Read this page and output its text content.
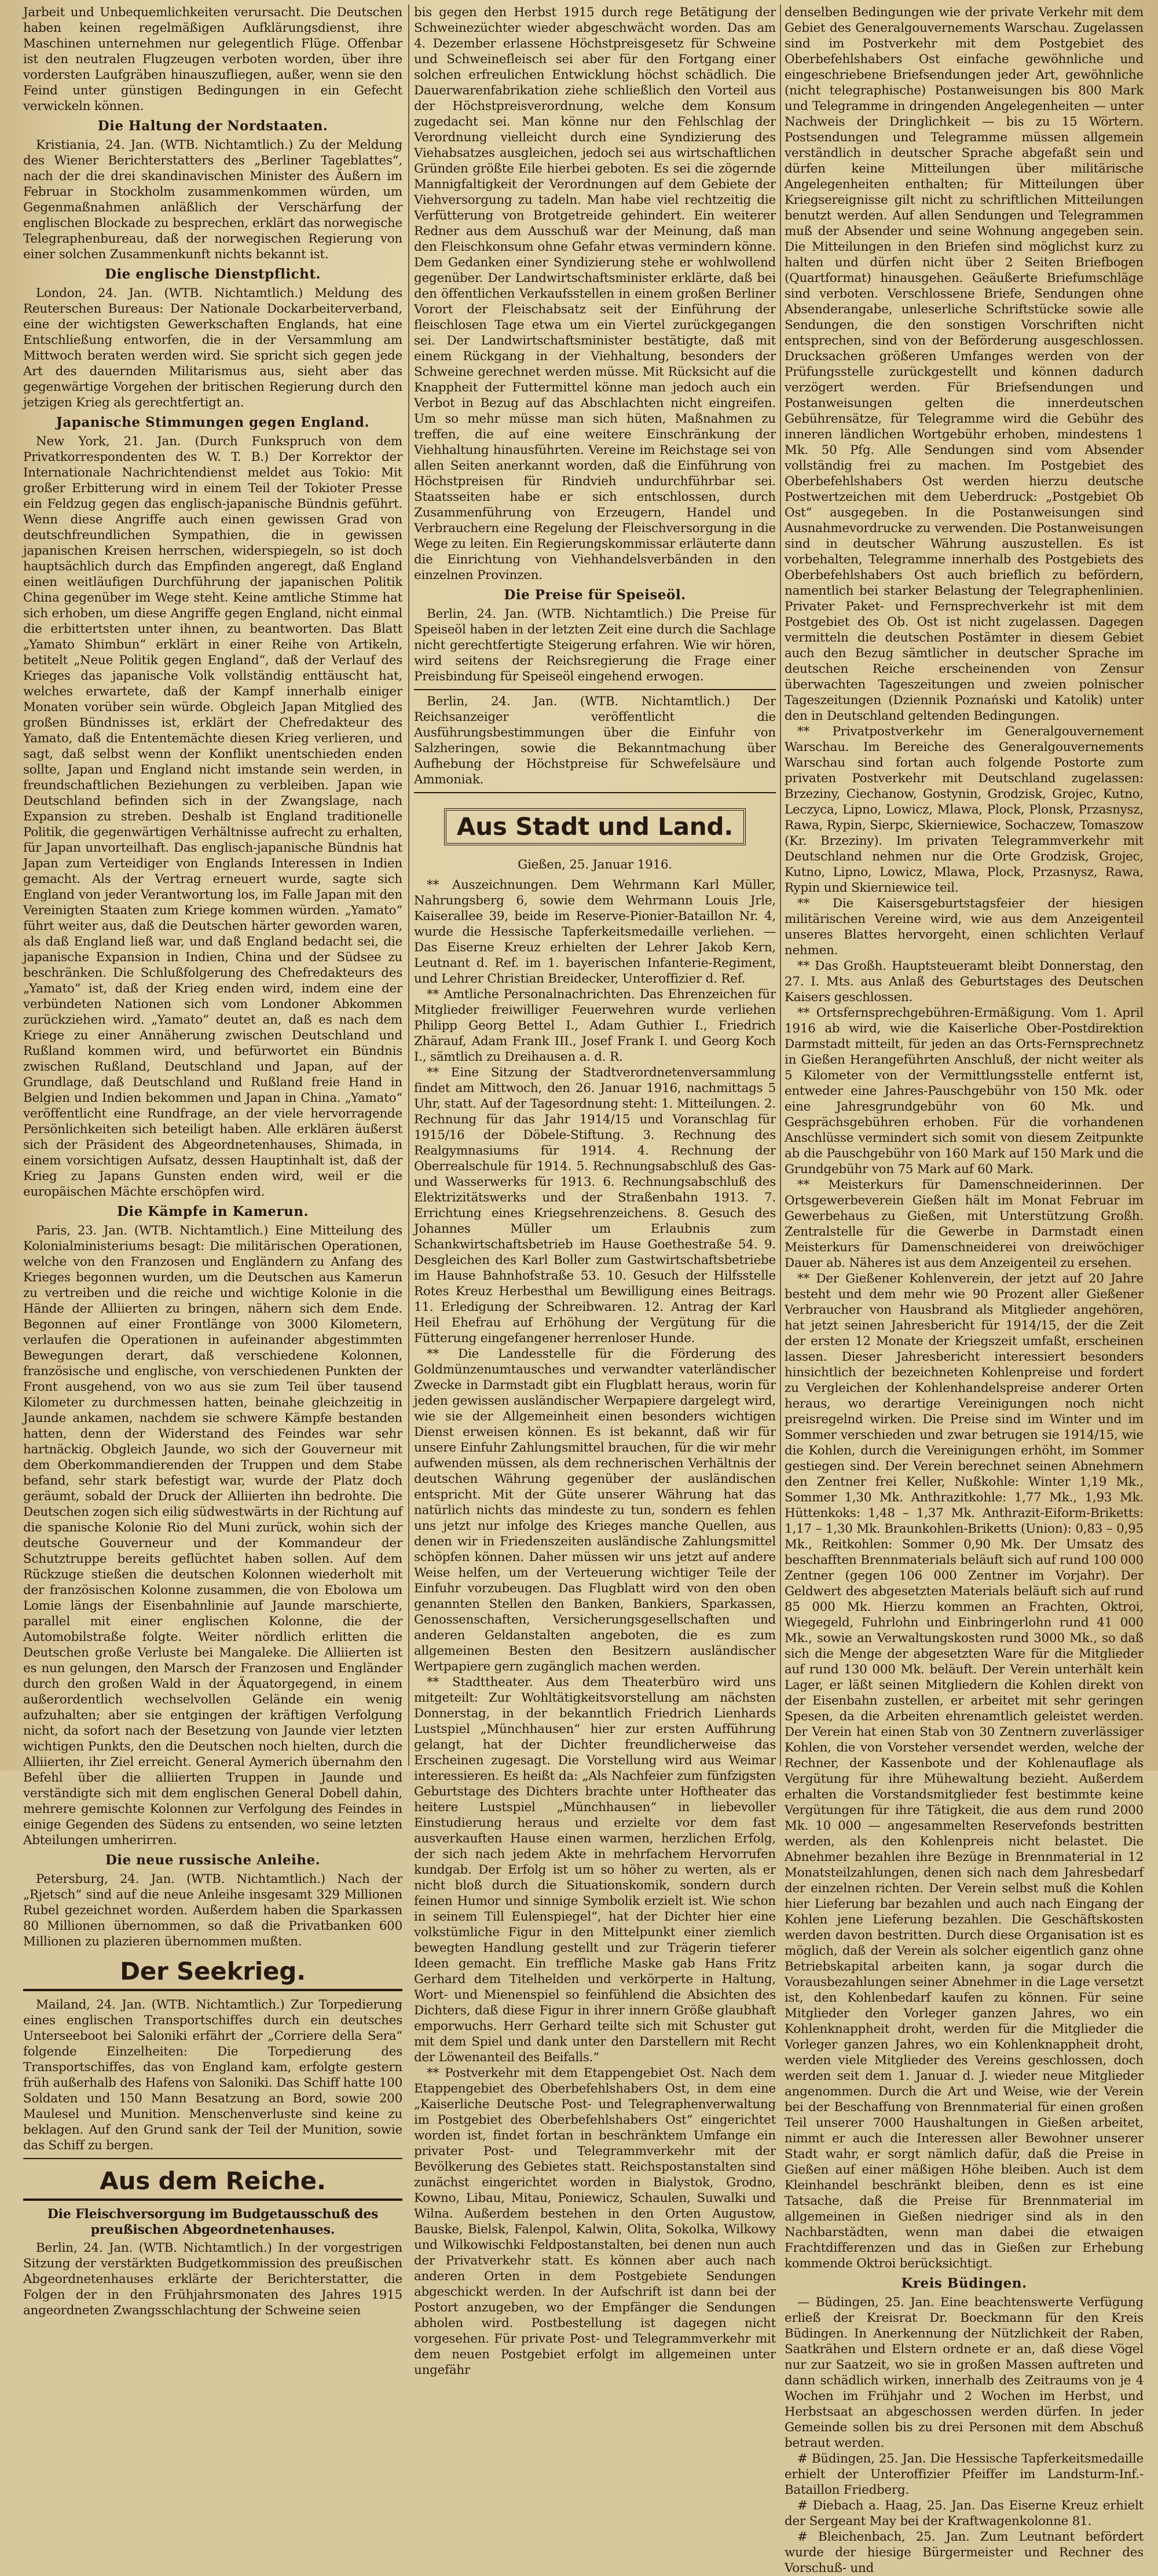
Jarbeit und Unbequemlichkeiten verursacht. Die Deutschen haben keinen regelmäßigen Aufklärungsdienst, ihre Maschinen unternehmen nur gelegentlich Flüge. Offenbar ist den neutralen Flugzeugen verboten worden, über ihre vordersten Laufgräben hinauszufliegen, außer, wenn sie den Feind unter günstigen Bedingungen in ein Gefecht verwickeln können.

Die Haltung der Nordstaaten.

Kristiania, 24. Jan. (WTB. Nichtamtlich.) Zu der Meldung des Wiener Berichterstatters des „Berliner Tageblattes“, nach der die drei skandinavischen Minister des Äußern im Februar in Stockholm zusammenkommen würden, um Gegenmaßnahmen anläßlich der Verschärfung der englischen Blockade zu besprechen, erklärt das norwegische Telegraphenbureau, daß der norwegischen Regierung von einer solchen Zusammenkunft nichts bekannt ist.

Die englische Dienstpflicht.

London, 24. Jan. (WTB. Nichtamtlich.) Meldung des Reuterschen Bureaus: Der Nationale Dockarbeiterverband, eine der wichtigsten Gewerkschaften Englands, hat eine Entschließung entworfen, die in der Versammlung am Mittwoch beraten werden wird. Sie spricht sich gegen jede Art des dauernden Militarismus aus, sieht aber das gegenwärtige Vorgehen der britischen Regierung durch den jetzigen Krieg als gerechtfertigt an.

Japanische Stimmungen gegen England.

New York, 21. Jan. (Durch Funkspruch von dem Privatkorrespondenten des W. T. B.) Der Korrektor der Internationale Nachrichtendienst meldet aus Tokio: Mit großer Erbitterung wird in einem Teil der Tokioter Presse ein Feldzug gegen das englisch-japanische Bündnis geführt. Wenn diese Angriffe auch einen gewissen Grad von deutschfreundlichen Sympathien, die in gewissen japanischen Kreisen herrschen, widerspiegeln, so ist doch hauptsächlich durch das Empfinden angeregt, daß England einen weitläufigen Durchführung der japanischen Politik China gegenüber im Wege steht. Keine amtliche Stimme hat sich erhoben, um diese Angriffe gegen England, nicht einmal die erbittertsten unter ihnen, zu beantworten. Das Blatt „Yamato Shimbun“ erklärt in einer Reihe von Artikeln, betitelt „Neue Politik gegen England“, daß der Verlauf des Krieges das japanische Volk vollständig enttäuscht hat, welches erwartete, daß der Kampf innerhalb einiger Monaten vorüber sein würde. Obgleich Japan Mitglied des großen Bündnisses ist, erklärt der Chefredakteur des Yamato, daß die Ententemächte diesen Krieg verlieren, und sagt, daß selbst wenn der Konflikt unentschieden enden sollte, Japan und England nicht imstande sein werden, in freundschaftlichen Beziehungen zu verbleiben. Japan wie Deutschland befinden sich in der Zwangslage, nach Expansion zu streben. Deshalb ist England traditionelle Politik, die gegenwärtigen Verhältnisse aufrecht zu erhalten, für Japan unvorteilhaft. Das englisch-japanische Bündnis hat Japan zum Verteidiger von Englands Interessen in Indien gemacht. Als der Vertrag erneuert wurde, sagte sich England von jeder Verantwortung los, im Falle Japan mit den Vereinigten Staaten zum Kriege kommen würden. „Yamato“ führt weiter aus, daß die Deutschen härter geworden waren, als daß England ließ war, und daß England bedacht sei, die japanische Expansion in Indien, China und der Südsee zu beschränken. Die Schlußfolgerung des Chefredakteurs des „Yamato“ ist, daß der Krieg enden wird, indem eine der verbündeten Nationen sich vom Londoner Abkommen zurückziehen wird. „Yamato“ deutet an, daß es nach dem Kriege zu einer Annäherung zwischen Deutschland und Rußland kommen wird, und befürwortet ein Bündnis zwischen Rußland, Deutschland und Japan, auf der Grundlage, daß Deutschland und Rußland freie Hand in Belgien und Indien bekommen und Japan in China. „Yamato“ veröffentlicht eine Rundfrage, an der viele hervorragende Persönlichkeiten sich beteiligt haben. Alle erklären äußerst sich der Präsident des Abgeordnetenhauses, Shimada, in einem vorsichtigen Aufsatz, dessen Hauptinhalt ist, daß der Krieg zu Japans Gunsten enden wird, weil er die europäischen Mächte erschöpfen wird.

Die Kämpfe in Kamerun.

Paris, 23. Jan. (WTB. Nichtamtlich.) Eine Mitteilung des Kolonialministeriums besagt: Die militärischen Operationen, welche von den Franzosen und Engländern zu Anfang des Krieges begonnen wurden, um die Deutschen aus Kamerun zu vertreiben und die reiche und wichtige Kolonie in die Hände der Alliierten zu bringen, nähern sich dem Ende. Begonnen auf einer Frontlänge von 3000 Kilometern, verlaufen die Operationen in aufeinander abgestimmten Bewegungen derart, daß verschiedene Kolonnen, französische und englische, von verschiedenen Punkten der Front ausgehend, von wo aus sie zum Teil über tausend Kilometer zu durchmessen hatten, beinahe gleichzeitig in Jaunde ankamen, nachdem sie schwere Kämpfe bestanden hatten, denn der Widerstand des Feindes war sehr hartnäckig. Obgleich Jaunde, wo sich der Gouverneur mit dem Oberkommandierenden der Truppen und dem Stabe befand, sehr stark befestigt war, wurde der Platz doch geräumt, sobald der Druck der Alliierten ihn bedrohte. Die Deutschen zogen sich eilig südwestwärts in der Richtung auf die spanische Kolonie Rio del Muni zurück, wohin sich der deutsche Gouverneur und der Kommandeur der Schutztruppe bereits geflüchtet haben sollen. Auf dem Rückzuge stießen die deutschen Kolonnen wiederholt mit der französischen Kolonne zusammen, die von Ebolowa um Lomie längs der Eisenbahnlinie auf Jaunde marschierte, parallel mit einer englischen Kolonne, die der Automobilstraße folgte. Weiter nördlich erlitten die Deutschen große Verluste bei Mangaleke. Die Alliierten ist es nun gelungen, den Marsch der Franzosen und Engländer durch den großen Wald in der Äquatorgegend, in einem außerordentlich wechselvollen Gelände ein wenig aufzuhalten; aber sie entgingen der kräftigen Verfolgung nicht, da sofort nach der Besetzung von Jaunde vier letzten wichtigen Punkts, den die Deutschen noch hielten, durch die Alliierten, ihr Ziel erreicht. General Aymerich übernahm den Befehl über die alliierten Truppen in Jaunde und verständigte sich mit dem englischen General Dobell dahin, mehrere gemischte Kolonnen zur Verfolgung des Feindes in einige Gegenden des Südens zu entsenden, wo seine letzten Abteilungen umherirren.

Die neue russische Anleihe.

Petersburg, 24. Jan. (WTB. Nichtamtlich.) Nach der „Rjetsch“ sind auf die neue Anleihe insgesamt 329 Millionen Rubel gezeichnet worden. Außerdem haben die Sparkassen 80 Millionen übernommen, so daß die Privatbanken 600 Millionen zu plazieren übernommen mußten.

Der Seekrieg.

Mailand, 24. Jan. (WTB. Nichtamtlich.) Zur Torpedierung eines englischen Transportschiffes durch ein deutsches Unterseeboot bei Saloniki erfährt der „Corriere della Sera“ folgende Einzelheiten: Die Torpedierung des Transportschiffes, das von England kam, erfolgte gestern früh außerhalb des Hafens von Saloniki. Das Schiff hatte 100 Soldaten und 150 Mann Besatzung an Bord, sowie 200 Maulesel und Munition. Menschenverluste sind keine zu beklagen. Auf den Grund sank der Teil der Munition, sowie das Schiff zu bergen.

Aus dem Reiche.
Die Fleischversorgung im Budgetausschuß des preußischen Abgeordnetenhauses.

Berlin, 24. Jan. (WTB. Nichtamtlich.) In der vorgestrigen Sitzung der verstärkten Budgetkommission des preußischen Abgeordnetenhauses erklärte der Berichterstatter, die Folgen der in den Frühjahrsmonaten des Jahres 1915 angeordneten Zwangsschlachtung der Schweine seien

bis gegen den Herbst 1915 durch rege Betätigung der Schweinezüchter wieder abgeschwächt worden. Das am 4. Dezember erlassene Höchstpreisgesetz für Schweine und Schweinefleisch sei aber für den Fortgang einer solchen erfreulichen Entwicklung höchst schädlich. Die Dauerwarenfabrikation ziehe schließlich den Vorteil aus der Höchstpreisverordnung, welche dem Konsum zugedacht sei. Man könne nur den Fehlschlag der Verordnung vielleicht durch eine Syndizierung des Viehabsatzes ausgleichen, jedoch sei aus wirtschaftlichen Gründen größte Eile hierbei geboten. Es sei die zögernde Mannigfaltigkeit der Verordnungen auf dem Gebiete der Viehversorgung zu tadeln. Man habe viel rechtzeitig die Verfütterung von Brotgetreide gehindert. Ein weiterer Redner aus dem Ausschuß war der Meinung, daß man den Fleischkonsum ohne Gefahr etwas vermindern könne. Dem Gedanken einer Syndizierung stehe er wohlwollend gegenüber. Der Landwirtschaftsminister erklärte, daß bei den öffentlichen Verkaufsstellen in einem großen Berliner Vorort der Fleischabsatz seit der Einführung der fleischlosen Tage etwa um ein Viertel zurückgegangen sei. Der Landwirtschaftsminister bestätigte, daß mit einem Rückgang in der Viehhaltung, besonders der Schweine gerechnet werden müsse. Mit Rücksicht auf die Knappheit der Futtermittel könne man jedoch auch ein Verbot in Bezug auf das Abschlachten nicht eingreifen. Um so mehr müsse man sich hüten, Maßnahmen zu treffen, die auf eine weitere Einschränkung der Viehhaltung hinausführten. Vereine im Reichstage sei von allen Seiten anerkannt worden, daß die Einführung von Höchstpreisen für Rindvieh undurchführbar sei. Staatsseiten habe er sich entschlossen, durch Zusammenführung von Erzeugern, Handel und Verbrauchern eine Regelung der Fleischversorgung in die Wege zu leiten. Ein Regierungskommissar erläuterte dann die Einrichtung von Viehhandelsverbänden in den einzelnen Provinzen.

Die Preise für Speiseöl.

Berlin, 24. Jan. (WTB. Nichtamtlich.) Die Preise für Speiseöl haben in der letzten Zeit eine durch die Sachlage nicht gerechtfertigte Steigerung erfahren. Wie wir hören, wird seitens der Reichsregierung die Frage einer Preisbindung für Speiseöl eingehend erwogen.

Berlin, 24. Jan. (WTB. Nichtamtlich.) Der Reichsanzeiger veröffentlicht die Ausführungsbestimmungen über die Einfuhr von Salzheringen, sowie die Bekanntmachung über Aufhebung der Höchstpreise für Schwefelsäure und Ammoniak.

Aus Stadt und Land.

Gießen, 25. Januar 1916.

** Auszeichnungen. Dem Wehrmann Karl Müller, Nahrungsberg 6, sowie dem Wehrmann Louis Jrle, Kaiserallee 39, beide im Reserve-Pionier-Bataillon Nr. 4, wurde die Hessische Tapferkeitsmedaille verliehen. — Das Eiserne Kreuz erhielten der Lehrer Jakob Kern, Leutnant d. Ref. im 1. bayerischen Infanterie-Regiment, und Lehrer Christian Breidecker, Unteroffizier d. Ref.

** Amtliche Personalnachrichten. Das Ehrenzeichen für Mitglieder freiwilliger Feuerwehren wurde verliehen Philipp Georg Bettel I., Adam Guthier I., Friedrich Zhärauf, Adam Frank III., Josef Frank I. und Georg Koch I., sämtlich zu Dreihausen a. d. R.

** Eine Sitzung der Stadtverordnetenversammlung findet am Mittwoch, den 26. Januar 1916, nachmittags 5 Uhr, statt. Auf der Tagesordnung steht: 1. Mitteilungen. 2. Rechnung für das Jahr 1914/15 und Voranschlag für 1915/16 der Döbele-Stiftung. 3. Rechnung des Realgymnasiums für 1914. 4. Rechnung der Oberrealschule für 1914. 5. Rechnungsabschluß des Gas- und Wasserwerks für 1913. 6. Rechnungsabschluß des Elektrizitätswerks und der Straßenbahn 1913. 7. Errichtung eines Kriegsehrenzeichens. 8. Gesuch des Johannes Müller um Erlaubnis zum Schankwirtschaftsbetrieb im Hause Goethestraße 54. 9. Desgleichen des Karl Boller zum Gastwirtschaftsbetriebe im Hause Bahnhofstraße 53. 10. Gesuch der Hilfsstelle Rotes Kreuz Herbesthal um Bewilligung eines Beitrags. 11. Erledigung der Schreibwaren. 12. Antrag der Karl Heil Ehefrau auf Erhöhung der Vergütung für die Fütterung eingefangener herrenloser Hunde.

** Die Landesstelle für die Förderung des Goldmünzenumtausches und verwandter vaterländischer Zwecke in Darmstadt gibt ein Flugblatt heraus, worin für jeden gewissen ausländischer Werpapiere dargelegt wird, wie sie der Allgemeinheit einen besonders wichtigen Dienst erweisen können. Es ist bekannt, daß wir für unsere Einfuhr Zahlungsmittel brauchen, für die wir mehr aufwenden müssen, als dem rechnerischen Verhältnis der deutschen Währung gegenüber der ausländischen entspricht. Mit der Güte unserer Währung hat das natürlich nichts das mindeste zu tun, sondern es fehlen uns jetzt nur infolge des Krieges manche Quellen, aus denen wir in Friedenszeiten ausländische Zahlungsmittel schöpfen können. Daher müssen wir uns jetzt auf andere Weise helfen, um der Verteuerung wichtiger Teile der Einfuhr vorzubeugen. Das Flugblatt wird von den oben genannten Stellen den Banken, Bankiers, Sparkassen, Genossenschaften, Versicherungsgesellschaften und anderen Geldanstalten angeboten, die es zum allgemeinen Besten den Besitzern ausländischer Wertpapiere gern zugänglich machen werden.

** Stadttheater. Aus dem Theaterbüro wird uns mitgeteilt: Zur Wohltätigkeitsvorstellung am nächsten Donnerstag, in der bekanntlich Friedrich Lienhards Lustspiel „Münchhausen“ hier zur ersten Aufführung gelangt, hat der Dichter freundlicherweise das Erscheinen zugesagt. Die Vorstellung wird aus Weimar interessieren. Es heißt da: „Als Nachfeier zum fünfzigsten Geburtstage des Dichters brachte unter Hoftheater das heitere Lustspiel „Münchhausen“ in liebevoller Einstudierung heraus und erzielte vor dem fast ausverkauften Hause einen warmen, herzlichen Erfolg, der sich nach jedem Akte in mehrfachem Hervorrufen kundgab. Der Erfolg ist um so höher zu werten, als er nicht bloß durch die Situationskomik, sondern durch feinen Humor und sinnige Symbolik erzielt ist. Wie schon in seinem Till Eulenspiegel“, hat der Dichter hier eine volkstümliche Figur in den Mittelpunkt einer ziemlich bewegten Handlung gestellt und zur Trägerin tieferer Ideen gemacht. Ein treffliche Maske gab Hans Fritz Gerhard dem Titelhelden und verkörperte in Haltung, Wort- und Mienenspiel so feinfühlend die Absichten des Dichters, daß diese Figur in ihrer innern Größe glaubhaft emporwuchs. Herr Gerhard teilte sich mit Schuster gut mit dem Spiel und dank unter den Darstellern mit Recht der Löwenanteil des Beifalls.“

** Postverkehr mit dem Etappengebiet Ost. Nach dem Etappengebiet des Oberbefehlshabers Ost, in dem eine „Kaiserliche Deutsche Post- und Telegraphenverwaltung im Postgebiet des Oberbefehlshabers Ost“ eingerichtet worden ist, findet fortan in beschränktem Umfange ein privater Post- und Telegrammverkehr mit der Bevölkerung des Gebietes statt. Reichspostanstalten sind zunächst eingerichtet worden in Bialystok, Grodno, Kowno, Libau, Mitau, Poniewicz, Schaulen, Suwalki und Wilna. Außerdem bestehen in den Orten Augustow, Bauske, Bielsk, Falenpol, Kalwin, Olita, Sokolka, Wilkowy und Wilkowischki Feldpostanstalten, bei denen nun auch der Privatverkehr statt. Es können aber auch nach anderen Orten in dem Postgebiete Sendungen abgeschickt werden. In der Aufschrift ist dann bei der Postort anzugeben, wo der Empfänger die Sendungen abholen wird. Postbestellung ist dagegen nicht vorgesehen. Für private Post- und Telegrammverkehr mit dem neuen Postgebiet erfolgt im allgemeinen unter ungefähr

denselben Bedingungen wie der private Verkehr mit dem Gebiet des Generalgouvernements Warschau. Zugelassen sind im Postverkehr mit dem Postgebiet des Oberbefehlshabers Ost einfache gewöhnliche und eingeschriebene Briefsendungen jeder Art, gewöhnliche (nicht telegraphische) Postanweisungen bis 800 Mark und Telegramme in dringenden Angelegenheiten — unter Nachweis der Dringlichkeit — bis zu 15 Wörtern. Postsendungen und Telegramme müssen allgemein verständlich in deutscher Sprache abgefaßt sein und dürfen keine Mitteilungen über militärische Angelegenheiten enthalten; für Mitteilungen über Kriegsereignisse gilt nicht zu schriftlichen Mitteilungen benutzt werden. Auf allen Sendungen und Telegrammen muß der Absender und seine Wohnung angegeben sein. Die Mitteilungen in den Briefen sind möglichst kurz zu halten und dürfen nicht über 2 Seiten Briefbogen (Quartformat) hinausgehen. Geäußerte Briefumschläge sind verboten. Verschlossene Briefe, Sendungen ohne Absenderangabe, unleserliche Schriftstücke sowie alle Sendungen, die den sonstigen Vorschriften nicht entsprechen, sind von der Beförderung ausgeschlossen. Drucksachen größeren Umfanges werden von der Prüfungsstelle zurückgestellt und können dadurch verzögert werden. Für Briefsendungen und Postanweisungen gelten die innerdeutschen Gebührensätze, für Telegramme wird die Gebühr des inneren ländlichen Wortgebühr erhoben, mindestens 1 Mk. 50 Pfg. Alle Sendungen sind vom Absender vollständig frei zu machen. Im Postgebiet des Oberbefehlshabers Ost werden hierzu deutsche Postwertzeichen mit dem Ueberdruck: „Postgebiet Ob Ost“ ausgegeben. In die Postanweisungen sind Ausnahmevordrucke zu verwenden. Die Postanweisungen sind in deutscher Währung auszustellen. Es ist vorbehalten, Telegramme innerhalb des Postgebiets des Oberbefehlshabers Ost auch brieflich zu befördern, namentlich bei starker Belastung der Telegraphenlinien. Privater Paket- und Fernsprechverkehr ist mit dem Postgebiet des Ob. Ost ist nicht zugelassen. Dagegen vermitteln die deutschen Postämter in diesem Gebiet auch den Bezug sämtlicher in deutscher Sprache im deutschen Reiche erscheinenden von Zensur überwachten Tageszeitungen und zweien polnischer Tageszeitungen (Dziennik Poznański und Katolik) unter den in Deutschland geltenden Bedingungen.

** Privatpostverkehr im Generalgouvernement Warschau. Im Bereiche des Generalgouvernements Warschau sind fortan auch folgende Postorte zum privaten Postverkehr mit Deutschland zugelassen: Brzeziny, Ciechanow, Gostynin, Grodzisk, Grojec, Kutno, Leczyca, Lipno, Lowicz, Mlawa, Plock, Plonsk, Przasnysz, Rawa, Rypin, Sierpc, Skierniewice, Sochaczew, Tomaszow (Kr. Brzeziny). Im privaten Telegrammverkehr mit Deutschland nehmen nur die Orte Grodzisk, Grojec, Kutno, Lipno, Lowicz, Mlawa, Plock, Przasnysz, Rawa, Rypin und Skierniewice teil.

** Die Kaisersgeburtstagsfeier der hiesigen militärischen Vereine wird, wie aus dem Anzeigenteil unseres Blattes hervorgeht, einen schlichten Verlauf nehmen.

** Das Großh. Hauptsteueramt bleibt Donnerstag, den 27. I. Mts. aus Anlaß des Geburtstages des Deutschen Kaisers geschlossen.

** Ortsfernsprechgebühren-Ermäßigung. Vom 1. April 1916 ab wird, wie die Kaiserliche Ober-Postdirektion Darmstadt mitteilt, für jeden an das Orts-Fernsprechnetz in Gießen Herangeführten Anschluß, der nicht weiter als 5 Kilometer von der Vermittlungsstelle entfernt ist, entweder eine Jahres-Pauschgebühr von 150 Mk. oder eine Jahresgrundgebühr von 60 Mk. und Gesprächsgebühren erhoben. Für die vorhandenen Anschlüsse vermindert sich somit von diesem Zeitpunkte ab die Pauschgebühr von 160 Mark auf 150 Mark und die Grundgebühr von 75 Mark auf 60 Mark.

** Meisterkurs für Damenschneiderinnen. Der Ortsgewerbeverein Gießen hält im Monat Februar im Gewerbehaus zu Gießen, mit Unterstützung Großh. Zentralstelle für die Gewerbe in Darmstadt einen Meisterkurs für Damenschneiderei von dreiwöchiger Dauer ab. Näheres ist aus dem Anzeigenteil zu ersehen.

** Der Gießener Kohlenverein, der jetzt auf 20 Jahre besteht und dem mehr wie 90 Prozent aller Gießener Verbraucher von Hausbrand als Mitglieder angehören, hat jetzt seinen Jahresbericht für 1914/15, der die Zeit der ersten 12 Monate der Kriegszeit umfaßt, erscheinen lassen. Dieser Jahresbericht interessiert besonders hinsichtlich der bezeichneten Kohlenpreise und fordert zu Vergleichen der Kohlenhandelspreise anderer Orten heraus, wo derartige Vereinigungen noch nicht preisregelnd wirken. Die Preise sind im Winter und im Sommer verschieden und zwar betrugen sie 1914/15, wie die Kohlen, durch die Vereinigungen erhöht, im Sommer gestiegen sind. Der Verein berechnet seinen Abnehmern den Zentner frei Keller, Nußkohle: Winter 1,19 Mk., Sommer 1,30 Mk. Anthrazitkohle: 1,77 Mk., 1,93 Mk. Hüttenkoks: 1,48 – 1,37 Mk. Anthrazit-Eiform-Briketts: 1,17 – 1,30 Mk. Braunkohlen-Briketts (Union): 0,83 – 0,95 Mk., Reitkohlen: Sommer 0,90 Mk. Der Umsatz des beschafften Brennmaterials beläuft sich auf rund 100 000 Zentner (gegen 106 000 Zentner im Vorjahr). Der Geldwert des abgesetzten Materials beläuft sich auf rund 85 000 Mk. Hierzu kommen an Frachten, Oktroi, Wiegegeld, Fuhrlohn und Einbringerlohn rund 41 000 Mk., sowie an Verwaltungskosten rund 3000 Mk., so daß sich die Menge der abgesetzten Ware für die Mitglieder auf rund 130 000 Mk. beläuft. Der Verein unterhält kein Lager, er läßt seinen Mitgliedern die Kohlen direkt von der Eisenbahn zustellen, er arbeitet mit sehr geringen Spesen, da die Arbeiten ehrenamtlich geleistet werden. Der Verein hat einen Stab von 30 Zentnern zuverlässiger Kohlen, die von Vorsteher versendet werden, welche der Rechner, der Kassenbote und der Kohlenauflage als Vergütung für ihre Mühewaltung bezieht. Außerdem erhalten die Vorstandsmitglieder fest bestimmte keine Vergütungen für ihre Tätigkeit, die aus dem rund 2000 Mk. 10 000 — angesammelten Reservefonds bestritten werden, als den Kohlenpreis nicht belastet. Die Abnehmer bezahlen ihre Bezüge in Brennmaterial in 12 Monatsteilzahlungen, denen sich nach dem Jahresbedarf der einzelnen richten. Der Verein selbst muß die Kohlen hier Lieferung bar bezahlen und auch nach Eingang der Kohlen jene Lieferung bezahlen. Die Geschäftskosten werden davon bestritten. Durch diese Organisation ist es möglich, daß der Verein als solcher eigentlich ganz ohne Betriebskapital arbeiten kann, ja sogar durch die Vorausbezahlungen seiner Abnehmer in die Lage versetzt ist, den Kohlenbedarf kaufen zu können. Für seine Mitglieder den Vorleger ganzen Jahres, wo ein Kohlenknappheit droht, werden für die Mitglieder die Vorleger ganzen Jahres, wo ein Kohlenknappheit droht, werden viele Mitglieder des Vereins geschlossen, doch werden seit dem 1. Januar d. J. wieder neue Mitglieder angenommen. Durch die Art und Weise, wie der Verein bei der Beschaffung von Brennmaterial für einen großen Teil unserer 7000 Haushaltungen in Gießen arbeitet, nimmt er auch die Interessen aller Bewohner unserer Stadt wahr, er sorgt nämlich dafür, daß die Preise in Gießen auf einer mäßigen Höhe bleiben. Auch ist dem Kleinhandel beschränkt bleiben, denn es ist eine Tatsache, daß die Preise für Brennmaterial im allgemeinen in Gießen niedriger sind als in den Nachbarstädten, wenn man dabei die etwaigen Frachtdifferenzen und das in Gießen zur Erhebung kommende Oktroi berücksichtigt.

Kreis Büdingen.

— Büdingen, 25. Jan. Eine beachtenswerte Verfügung erließ der Kreisrat Dr. Boeckmann für den Kreis Büdingen. In Anerkennung der Nützlichkeit der Raben, Saatkrähen und Elstern ordnete er an, daß diese Vögel nur zur Saatzeit, wo sie in großen Massen auftreten und dann schädlich wirken, innerhalb des Zeitraums von je 4 Wochen im Frühjahr und 2 Wochen im Herbst, und Herbstsaat an abgeschossen werden dürfen. In jeder Gemeinde sollen bis zu drei Personen mit dem Abschuß betraut werden.

# Büdingen, 25. Jan. Die Hessische Tapferkeitsmedaille erhielt der Unteroffizier Pfeiffer im Landsturm-Inf.-Bataillon Friedberg.

# Diebach a. Haag, 25. Jan. Das Eiserne Kreuz erhielt der Sergeant May bei der Kraftwagenkolonne 81.

# Bleichenbach, 25. Jan. Zum Leutnant befördert wurde der hiesige Bürgermeister und Rechner des Vorschuß- und
